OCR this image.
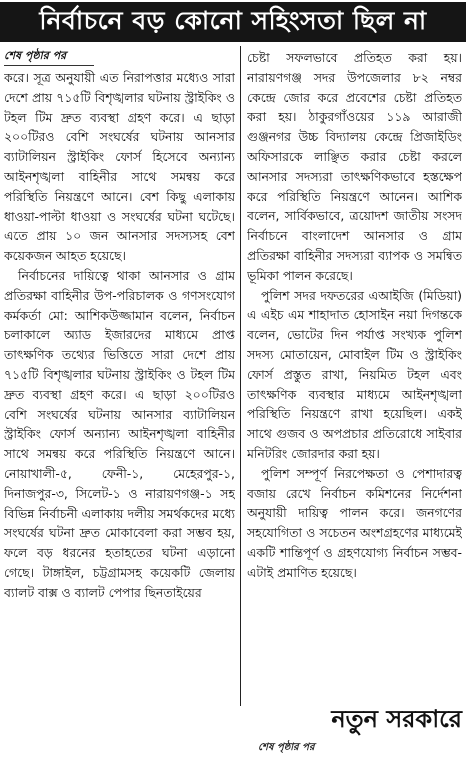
নির্বাচনে বড় কোনো সহিংসতা ছিল না
শেষ পৃষ্ঠার পর

করে। সূত্র অনুযায়ী এত নিরাপত্তার মধ্যেও সারা দেশে প্রায় ৭১৫টি বিশৃঙ্খলার ঘটনায় স্ট্রাইকিং ও টহল টিম দ্রুত ব্যবস্থা গ্রহণ করে। এ ছাড়া ২০০টিরও বেশি সংঘর্ষের ঘটনায় আনসার ব্যাটালিয়ন স্ট্রাইকিং ফোর্স হিসেবে অন্যান্য আইনশৃঙ্খলা বাহিনীর সাথে সমন্বয় করে পরিস্থিতি নিয়ন্ত্রণে আনে। বেশ কিছু এলাকায় ধাওয়া-পাল্টা ধাওয়া ও সংঘর্ষের ঘটনা ঘটেছে। এতে প্রায় ১০ জন আনসার সদস্যসহ বেশ কয়েকজন আহত হয়েছে।

নির্বাচনের দায়িত্বে থাকা আনসার ও গ্রাম প্রতিরক্ষা বাহিনীর উপ-পরিচালক ও গণসংযোগ কর্মকর্তা মো: আশিকউজ্জামান বলেন, নির্বাচন চলাকালে অ্যাড ইজারদের মাধ্যমে প্রাপ্ত তাৎক্ষণিক তথ্যের ভিত্তিতে সারা দেশে প্রায় ৭১৫টি বিশৃঙ্খলার ঘটনায় স্ট্রাইকিং ও টহল টিম দ্রুত ব্যবস্থা গ্রহণ করে। এ ছাড়া ২০০টিরও বেশি সংঘর্ষের ঘটনায় আনসার ব্যাটালিয়ন স্ট্রাইকিং ফোর্স অন্যান্য আইনশৃঙ্খলা বাহিনীর সাথে সমন্বয় করে পরিস্থিতি নিয়ন্ত্রণে আনে। নোয়াখালী-৫, ফেনী-১, মেহেরপুর-১, দিনাজপুর-৩, সিলেট-১ ও নারায়ণগঞ্জ-১ সহ বিভিন্ন নির্বাচনী এলাকায় দলীয় সমর্থকদের মধ্যে সংঘর্ষের ঘটনা দ্রুত মোকাবেলা করা সম্ভব হয়, ফলে বড় ধরনের হতাহতের ঘটনা এড়ানো গেছে। টাঙ্গাইল, চট্টগ্রামসহ কয়েকটি জেলায় ব্যালট বাক্স ও ব্যালট পেপার ছিনতাইয়ের

চেষ্টা সফলভাবে প্রতিহত করা হয়। নারায়ণগঞ্জ সদর উপজেলার ৮২ নম্বর কেন্দ্রে জোর করে প্রবেশের চেষ্টা প্রতিহত করা হয়। ঠাকুরগাঁওয়ের ১১৯ আরাজী গুঞ্জনগর উচ্চ বিদ্যালয় কেন্দ্রে প্রিজাইডিং অফিসারকে লাঞ্ছিত করার চেষ্টা করলে আনসার সদস্যরা তাৎক্ষণিকভাবে হস্তক্ষেপ করে পরিস্থিতি নিয়ন্ত্রণে আনেন। আশিক বলেন, সার্বিকভাবে, ত্রয়োদশ জাতীয় সংসদ নির্বাচনে বাংলাদেশ আনসার ও গ্রাম প্রতিরক্ষা বাহিনীর সদস্যরা ব্যাপক ও সমন্বিত ভূমিকা পালন করেছে।

পুলিশ সদর দফতরের এআইজি (মিডিয়া) এ এইচ এম শাহাদাত হোসাইন নয়া দিগন্তকে বলেন, ভোটের দিন পর্যাপ্ত সংখ্যক পুলিশ সদস্য মোতায়েন, মোবাইল টিম ও স্ট্রাইকিং ফোর্স প্রস্তুত রাখা, নিয়মিত টহল এবং তাৎক্ষণিক ব্যবস্থার মাধ্যমে আইনশৃঙ্খলা পরিস্থিতি নিয়ন্ত্রণে রাখা হয়েছিল। একই সাথে গুজব ও অপপ্রচার প্রতিরোধে সাইবার মনিটরিং জোরদার করা হয়।

পুলিশ সম্পূর্ণ নিরপেক্ষতা ও পেশাদারত্ব বজায় রেখে নির্বাচন কমিশনের নির্দেশনা অনুযায়ী দায়িত্ব পালন করে। জনগণের সহযোগিতা ও সচেতন অংশগ্রহণের মাধ্যমেই একটি শান্তিপূর্ণ ও গ্রহণযোগ্য নির্বাচন সম্ভব- এটাই প্রমাণিত হয়েছে।

নতুন সরকারে
শেষ পৃষ্ঠার পর
